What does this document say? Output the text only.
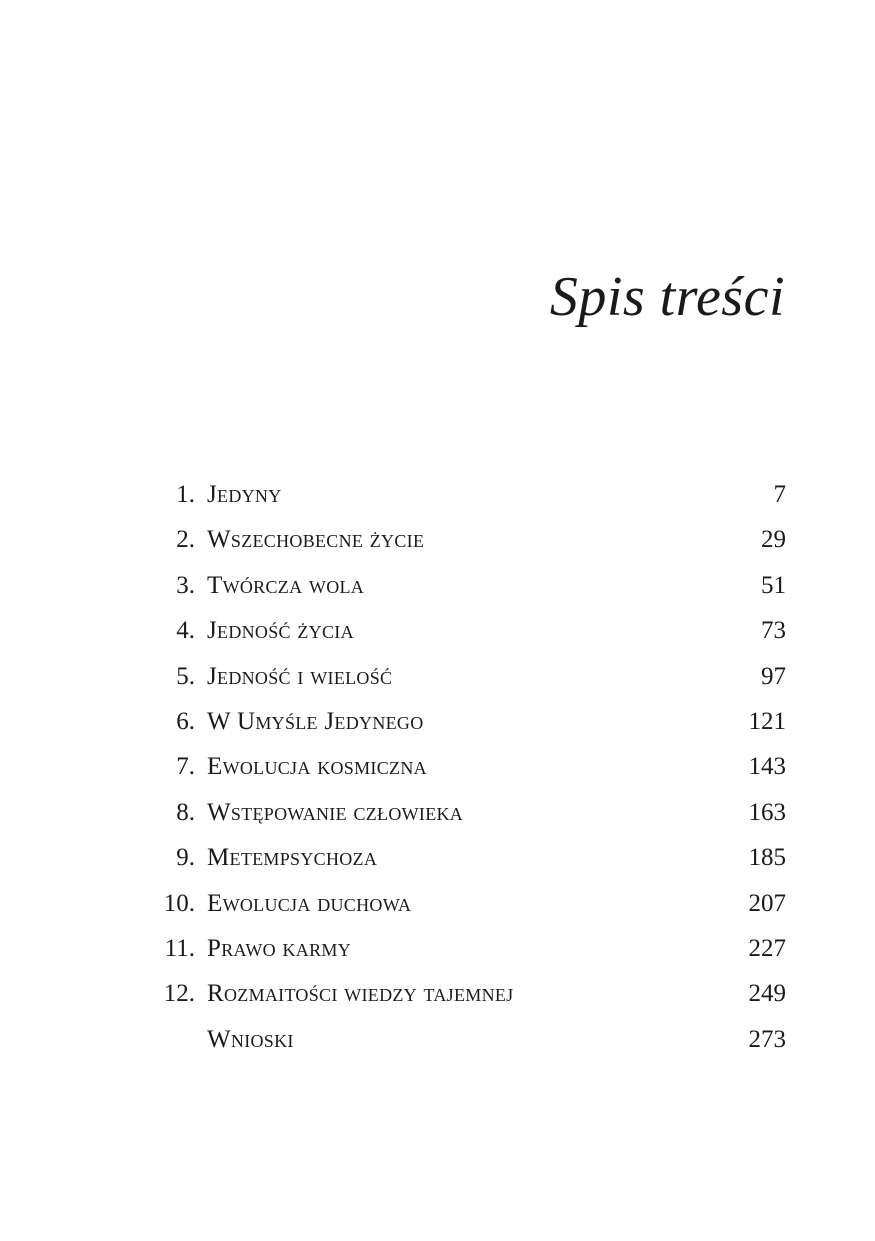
Spis treści
1. Jedyny	7
2. Wszechobecne życie	29
3. Twórcza wola	51
4. Jedność życia	73
5. Jedność i wielość	97
6. W Umyśle Jedynego	121
7. Ewolucja kosmiczna	143
8. Wstępowanie człowieka	163
9. Metempsychoza	185
10. Ewolucja duchowa	207
11. Prawo karmy	227
12. Rozmaitości wiedzy tajemnej	249
Wnioski	273
